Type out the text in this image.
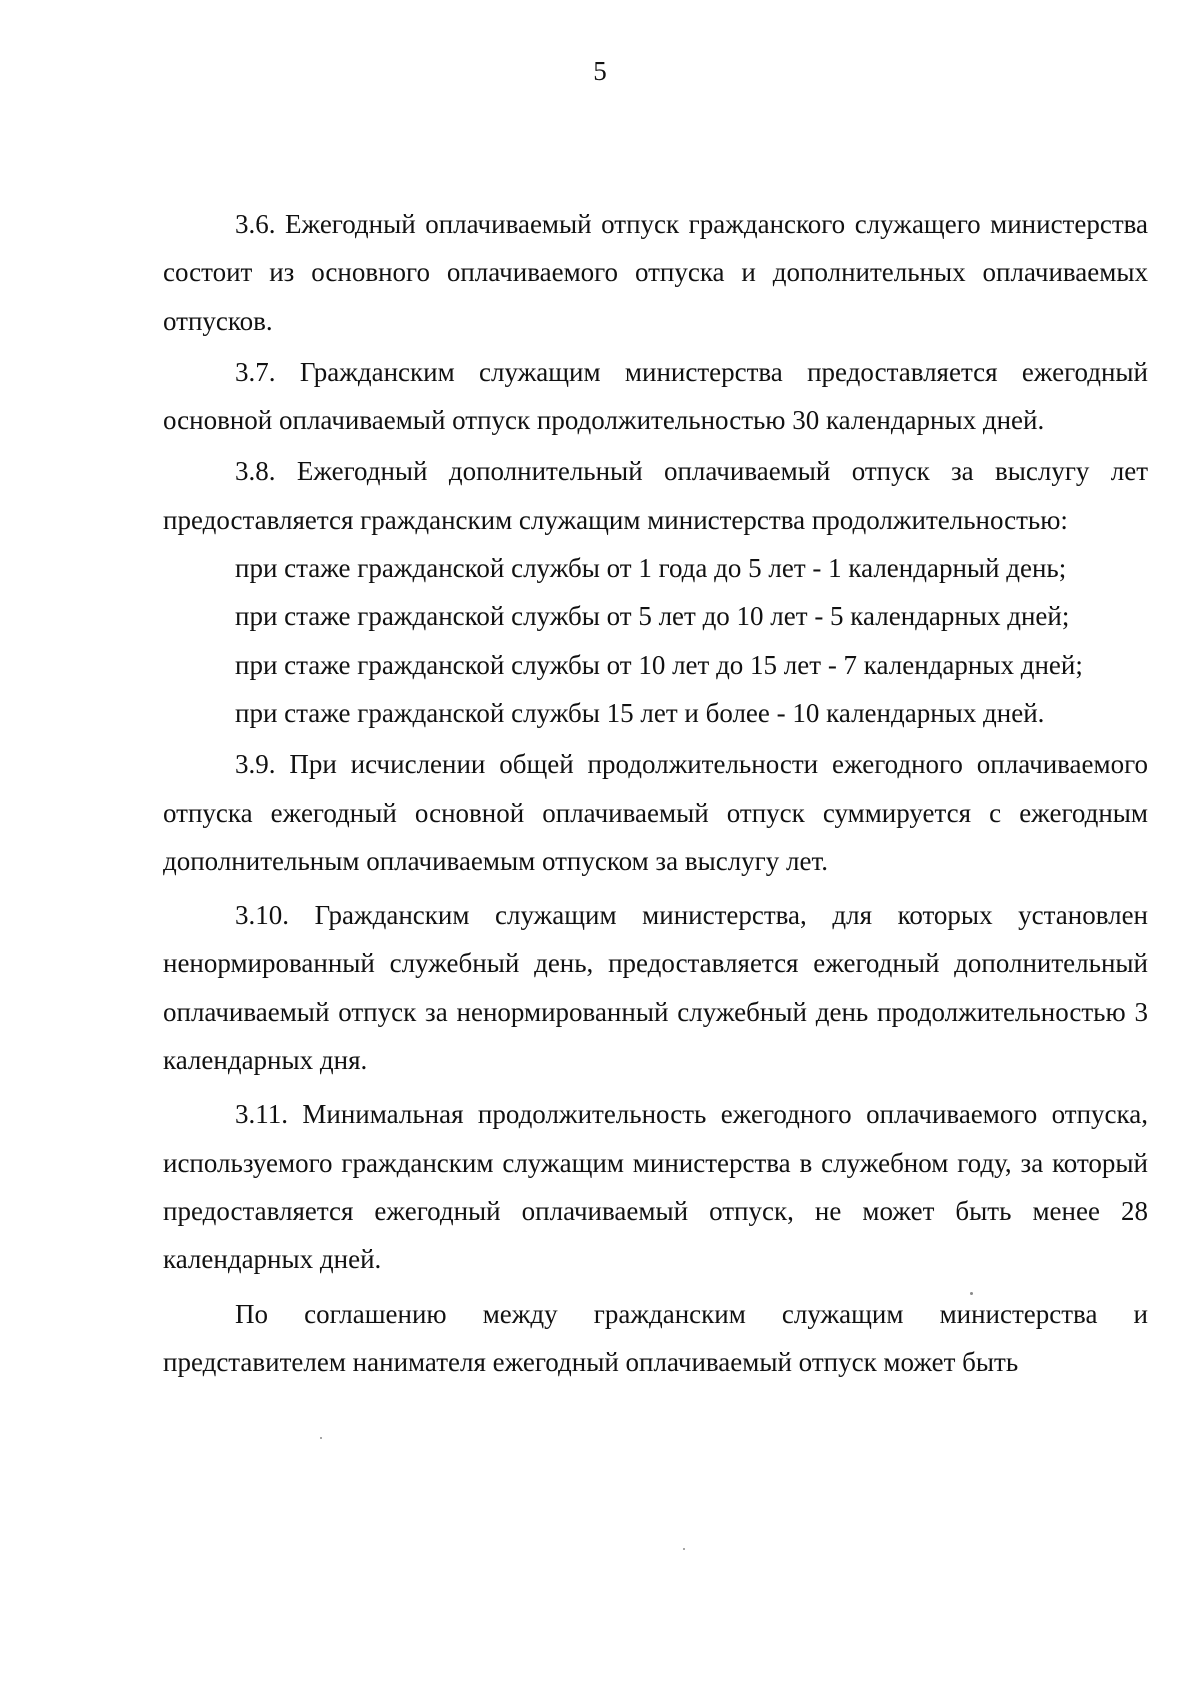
5

3.6. Ежегодный оплачиваемый отпуск гражданского служащего министерства состоит из основного оплачиваемого отпуска и дополнительных оплачиваемых отпусков.

3.7. Гражданским служащим министерства предоставляется ежегодный основной оплачиваемый отпуск продолжительностью 30 календарных дней.

3.8. Ежегодный дополнительный оплачиваемый отпуск за выслугу лет предоставляется гражданским служащим министерства продолжительностью:

при стаже гражданской службы от 1 года до 5 лет - 1 календарный день;

при стаже гражданской службы от 5 лет до 10 лет - 5 календарных дней;

при стаже гражданской службы от 10 лет до 15 лет - 7 календарных дней;

при стаже гражданской службы 15 лет и более - 10 календарных дней.

3.9. При исчислении общей продолжительности ежегодного оплачиваемого отпуска ежегодный основной оплачиваемый отпуск суммируется с ежегодным дополнительным оплачиваемым отпуском за выслугу лет.

3.10. Гражданским служащим министерства, для которых установлен ненормированный служебный день, предоставляется ежегодный дополнительный оплачиваемый отпуск за ненормированный служебный день продолжительностью 3 календарных дня.

3.11. Минимальная продолжительность ежегодного оплачиваемого отпуска, используемого гражданским служащим министерства в служебном году, за который предоставляется ежегодный оплачиваемый отпуск, не может быть менее 28 календарных дней.

По соглашению между гражданским служащим министерства и представителем нанимателя ежегодный оплачиваемый отпуск может быть
